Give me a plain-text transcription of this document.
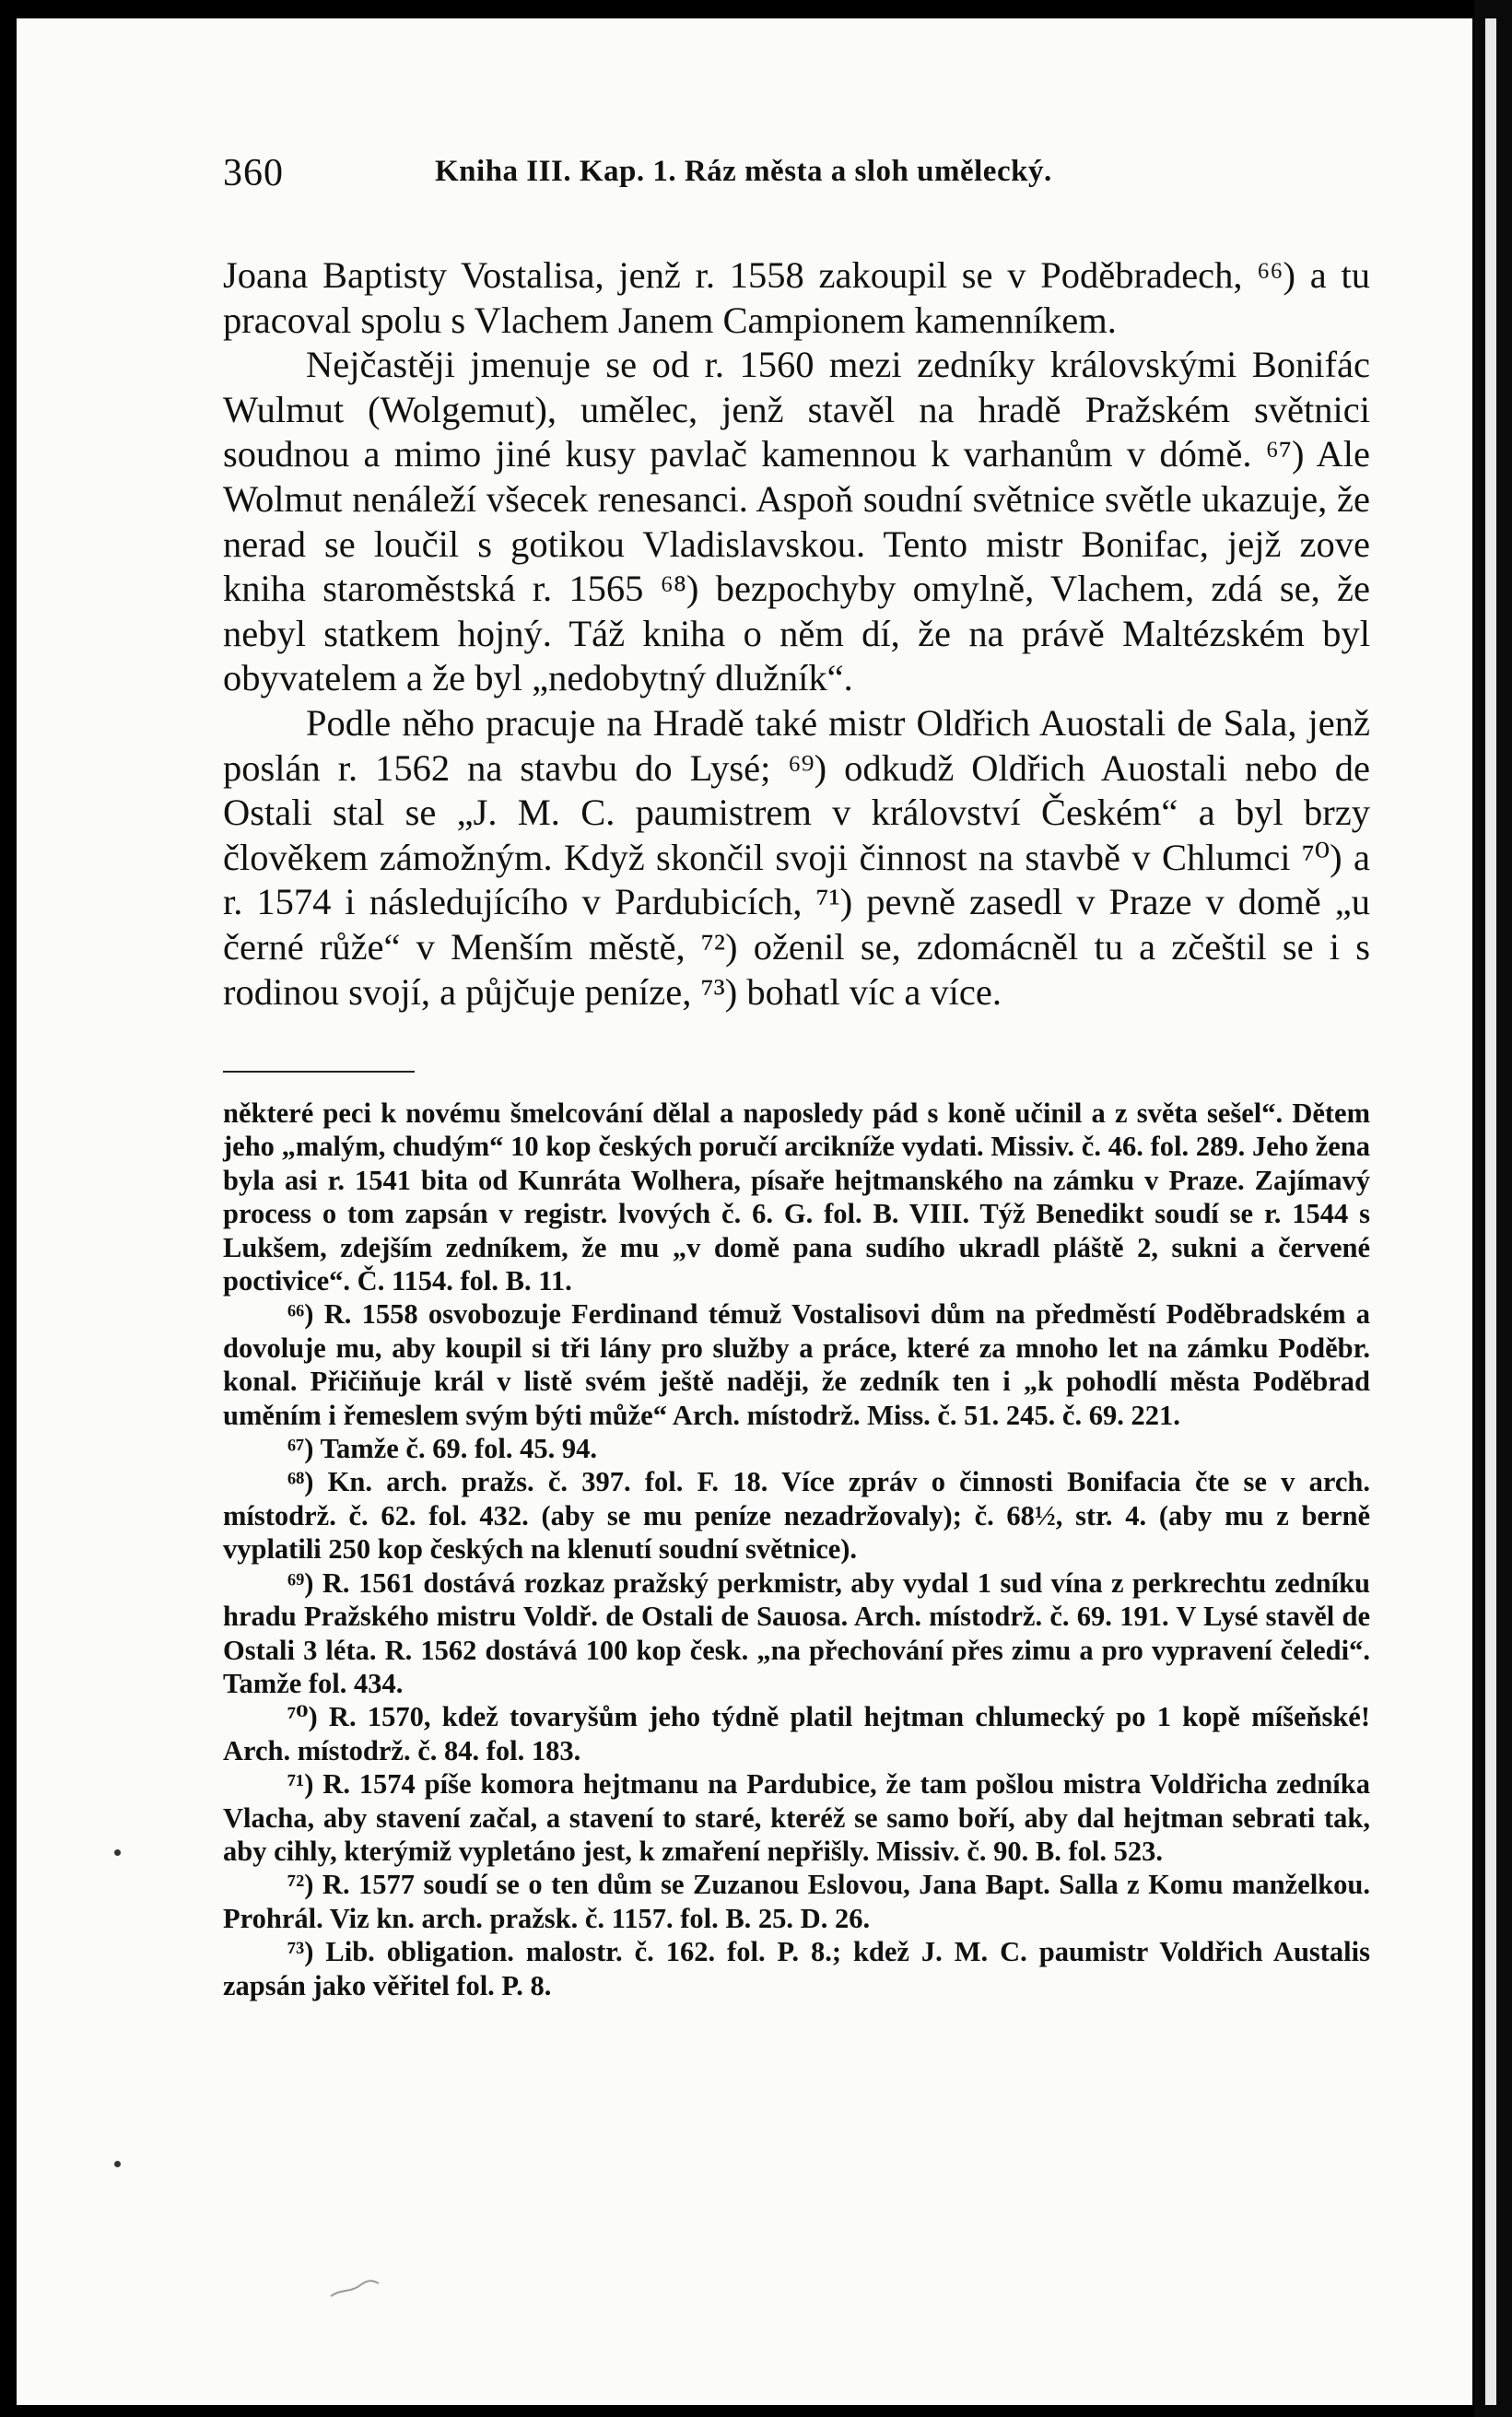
360	Kniha III. Kap. 1. Ráz města a sloh umělecký.

Joana Baptisty Vostalisa, jenž r. 1558 zakoupil se v Poděbradech, ⁶⁶) a tu pracoval spolu s Vlachem Janem Campionem kamenníkem.

Nejčastěji jmenuje se od r. 1560 mezi zedníky královskými Bonifác Wulmut (Wolgemut), umělec, jenž stavěl na hradě Pražském světnici soudnou a mimo jiné kusy pavlač kamennou k varhanům v dómě. ⁶⁷) Ale Wolmut nenáleží všecek renesanci. Aspoň soudní světnice světle ukazuje, že nerad se loučil s gotikou Vladislavskou. Tento mistr Bonifac, jejž zove kniha staroměstská r. 1565 ⁶⁸) bezpochyby omylně, Vlachem, zdá se, že nebyl statkem hojný. Táž kniha o něm dí, že na právě Maltézském byl obyvatelem a že byl „nedobytný dlužník“.

Podle něho pracuje na Hradě také mistr Oldřich Auostali de Sala, jenž poslán r. 1562 na stavbu do Lysé; ⁶⁹) odkudž Oldřich Auostali nebo de Ostali stal se „J. M. C. paumistrem v království Českém“ a byl brzy člověkem zámožným. Když skončil svoji činnost na stavbě v Chlumci ⁷⁰) a r. 1574 i následujícího v Pardubicích, ⁷¹) pevně zasedl v Praze v domě „u černé růže“ v Menším městě, ⁷²) oženil se, zdomácněl tu a zčeštil se i s rodinou svojí, a půjčuje peníze, ⁷³) bohatl víc a více.

některé peci k novému šmelcování dělal a naposledy pád s koně učinil a z světa sešel“. Dětem jeho „malým, chudým“ 10 kop českých poručí arcikníže vydati. Missiv. č. 46. fol. 289. Jeho žena byla asi r. 1541 bita od Kunráta Wolhera, písaře hejtmanského na zámku v Praze. Zajímavý process o tom zapsán v registr. lvových č. 6. G. fol. B. VIII. Týž Benedikt soudí se r. 1544 s Lukšem, zdejším zedníkem, že mu „v domě pana sudího ukradl pláště 2, sukni a červené poctivice“. Č. 1154. fol. B. 11.

⁶⁶) R. 1558 osvobozuje Ferdinand témuž Vostalisovi dům na předměstí Poděbradském a dovoluje mu, aby koupil si tři lány pro služby a práce, které za mnoho let na zámku Poděbr. konal. Přičiňuje král v listě svém ještě naději, že zedník ten i „k pohodlí města Poděbrad uměním i řemeslem svým býti může“ Arch. místodrž. Miss. č. 51. 245. č. 69. 221.

⁶⁷) Tamže č. 69. fol. 45. 94.

⁶⁸) Kn. arch. pražs. č. 397. fol. F. 18. Více zpráv o činnosti Bonifacia čte se v arch. místodrž. č. 62. fol. 432. (aby se mu peníze nezadržovaly); č. 68½, str. 4. (aby mu z berně vyplatili 250 kop českých na klenutí soudní světnice).

⁶⁹) R. 1561 dostává rozkaz pražský perkmistr, aby vydal 1 sud vína z perkrechtu zedníku hradu Pražského mistru Voldř. de Ostali de Sauosa. Arch. místodrž. č. 69. 191. V Lysé stavěl de Ostali 3 léta. R. 1562 dostává 100 kop česk. „na přechování přes zimu a pro vypravení čeledi“. Tamže fol. 434.

⁷⁰) R. 1570, kdež tovaryšům jeho týdně platil hejtman chlumecký po 1 kopě míšeňské! Arch. místodrž. č. 84. fol. 183.

⁷¹) R. 1574 píše komora hejtmanu na Pardubice, že tam pošlou mistra Voldřicha zedníka Vlacha, aby stavení začal, a stavení to staré, kteréž se samo boří, aby dal hejtman sebrati tak, aby cihly, kterýmiž vypletáno jest, k zmaření nepřišly. Missiv. č. 90. B. fol. 523.

⁷²) R. 1577 soudí se o ten dům se Zuzanou Eslovou, Jana Bapt. Salla z Komu manželkou. Prohrál. Viz kn. arch. pražsk. č. 1157. fol. B. 25. D. 26.

⁷³) Lib. obligation. malostr. č. 162. fol. P. 8.; kdež J. M. C. paumistr Voldřich Austalis zapsán jako věřitel fol. P. 8.
